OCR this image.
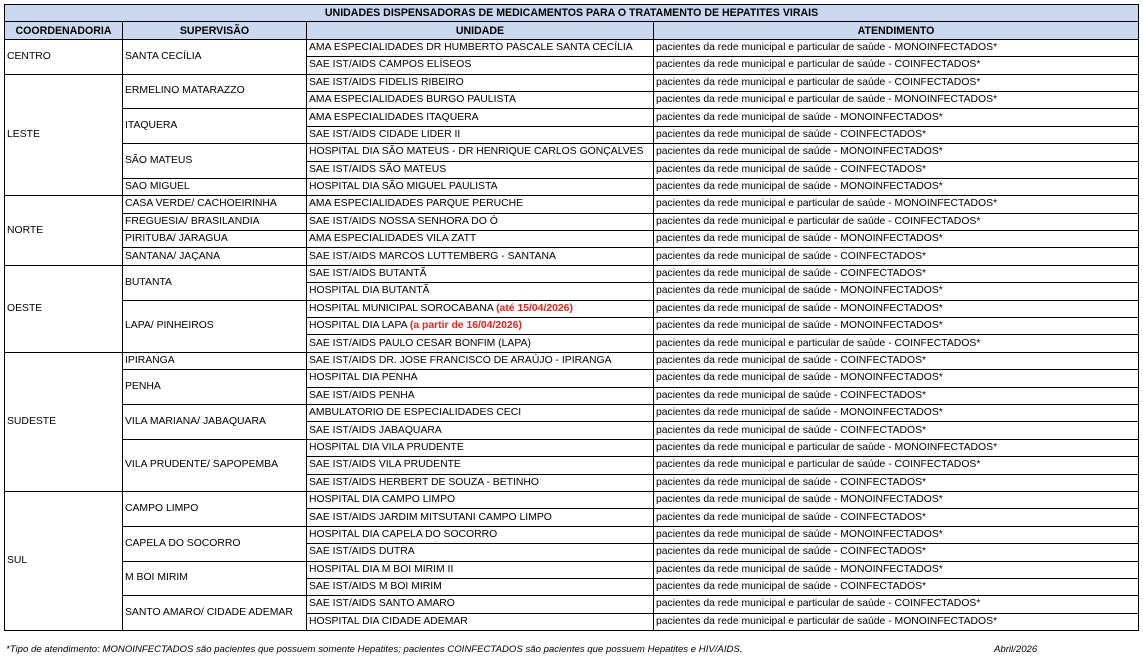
UNIDADES DISPENSADORAS DE MEDICAMENTOS PARA O TRATAMENTO DE HEPATITES VIRAIS			
COORDENADORIA	SUPERVISÃO	UNIDADE	ATENDIMENTO
CENTRO	SANTA CECÍLIA	AMA ESPECIALIDADES DR HUMBERTO PASCALE SANTA CECÍLIA	pacientes da rede municipal e particular de saúde - MONOINFECTADOS*
		SAE IST/AIDS CAMPOS ELÍSEOS	pacientes da rede municipal e particular de saúde - COINFECTADOS*
LESTE	ERMELINO MATARAZZO	SAE IST/AIDS FIDELIS RIBEIRO	pacientes da rede municipal e particular de saúde - COINFECTADOS*
		AMA ESPECIALIDADES BURGO PAULISTA	pacientes da rede municipal e particular de saúde - MONOINFECTADOS*
	ITAQUERA	AMA ESPECIALIDADES ITAQUERA	pacientes da rede municipal de saúde - MONOINFECTADOS*
		SAE IST/AIDS CIDADE LIDER II	pacientes da rede municipal de saúde - COINFECTADOS*
	SÃO MATEUS	HOSPITAL DIA SÃO MATEUS - DR HENRIQUE CARLOS GONÇALVES	pacientes da rede municipal de saúde - MONOINFECTADOS*
		SAE IST/AIDS SÃO MATEUS	pacientes da rede municipal de saúde - COINFECTADOS*
	SAO MIGUEL	HOSPITAL DIA SÃO MIGUEL PAULISTA	pacientes da rede municipal de saúde - MONOINFECTADOS*
NORTE	CASA VERDE/ CACHOEIRINHA	AMA ESPECIALIDADES PARQUE PERUCHE	pacientes da rede municipal e particular de saúde - MONOINFECTADOS*
	FREGUESIA/ BRASILANDIA	SAE IST/AIDS NOSSA SENHORA DO Ó	pacientes da rede municipal e particular de saúde - COINFECTADOS*
	PIRITUBA/ JARAGUA	AMA ESPECIALIDADES VILA ZATT	pacientes da rede municipal de saúde - MONOINFECTADOS*
	SANTANA/ JAÇANA	SAE IST/AIDS MARCOS LUTTEMBERG - SANTANA	pacientes da rede municipal de saúde - COINFECTADOS*
OESTE	BUTANTA	SAE IST/AIDS BUTANTÃ	pacientes da rede municipal de saúde - COINFECTADOS*
		HOSPITAL DIA BUTANTÃ	pacientes da rede municipal de saúde - MONOINFECTADOS*
	LAPA/ PINHEIROS	HOSPITAL MUNICIPAL SOROCABANA (até 15/04/2026)	pacientes da rede municipal de saúde - MONOINFECTADOS*
		HOSPITAL DIA LAPA (a partir de 16/04/2026)	pacientes da rede municipal de saúde - MONOINFECTADOS*
		SAE IST/AIDS PAULO CESAR BONFIM (LAPA)	pacientes da rede municipal e particular de saúde - COINFECTADOS*
SUDESTE	IPIRANGA	SAE IST/AIDS DR. JOSE FRANCISCO DE ARAÚJO - IPIRANGA	pacientes da rede municipal de saúde - COINFECTADOS*
	PENHA	HOSPITAL DIA PENHA	pacientes da rede municipal de saúde - MONOINFECTADOS*
		SAE IST/AIDS PENHA	pacientes da rede municipal de saúde - COINFECTADOS*
	VILA MARIANA/ JABAQUARA	AMBULATORIO DE ESPECIALIDADES CECI	pacientes da rede municipal de saúde - MONOINFECTADOS*
		SAE IST/AIDS JABAQUARA	pacientes da rede municipal de saúde - COINFECTADOS*
	VILA PRUDENTE/ SAPOPEMBA	HOSPITAL DIA VILA PRUDENTE	pacientes da rede municipal e particular de saúde - MONOINFECTADOS*
		SAE IST/AIDS VILA PRUDENTE	pacientes da rede municipal e particular de saúde - COINFECTADOS*
		SAE IST/AIDS HERBERT DE SOUZA - BETINHO	pacientes da rede municipal de saúde - COINFECTADOS*
SUL	CAMPO LIMPO	HOSPITAL DIA CAMPO LIMPO	pacientes da rede municipal de saúde - MONOINFECTADOS*
		SAE IST/AIDS JARDIM MITSUTANI CAMPO LIMPO	pacientes da rede municipal de saúde - COINFECTADOS*
	CAPELA DO SOCORRO	HOSPITAL DIA CAPELA DO SOCORRO	pacientes da rede municipal de saúde - MONOINFECTADOS*
		SAE IST/AIDS DUTRA	pacientes da rede municipal de saúde - COINFECTADOS*
	M BOI MIRIM	HOSPITAL DIA M BOI MIRIM II	pacientes da rede municipal de saúde - MONOINFECTADOS*
		SAE IST/AIDS M BOI MIRIM	pacientes da rede municipal de saúde - COINFECTADOS*
	SANTO AMARO/ CIDADE ADEMAR	SAE IST/AIDS SANTO AMARO	pacientes da rede municipal e particular de saúde - COINFECTADOS*
		HOSPITAL DIA CIDADE ADEMAR	pacientes da rede municipal e particular de saúde - MONOINFECTADOS*
*Tipo de atendimento: MONOINFECTADOS são pacientes que possuem somente Hepatites; pacientes COINFECTADOS são pacientes que possuem Hepatites e HIV/AIDS.	Abril/2026
